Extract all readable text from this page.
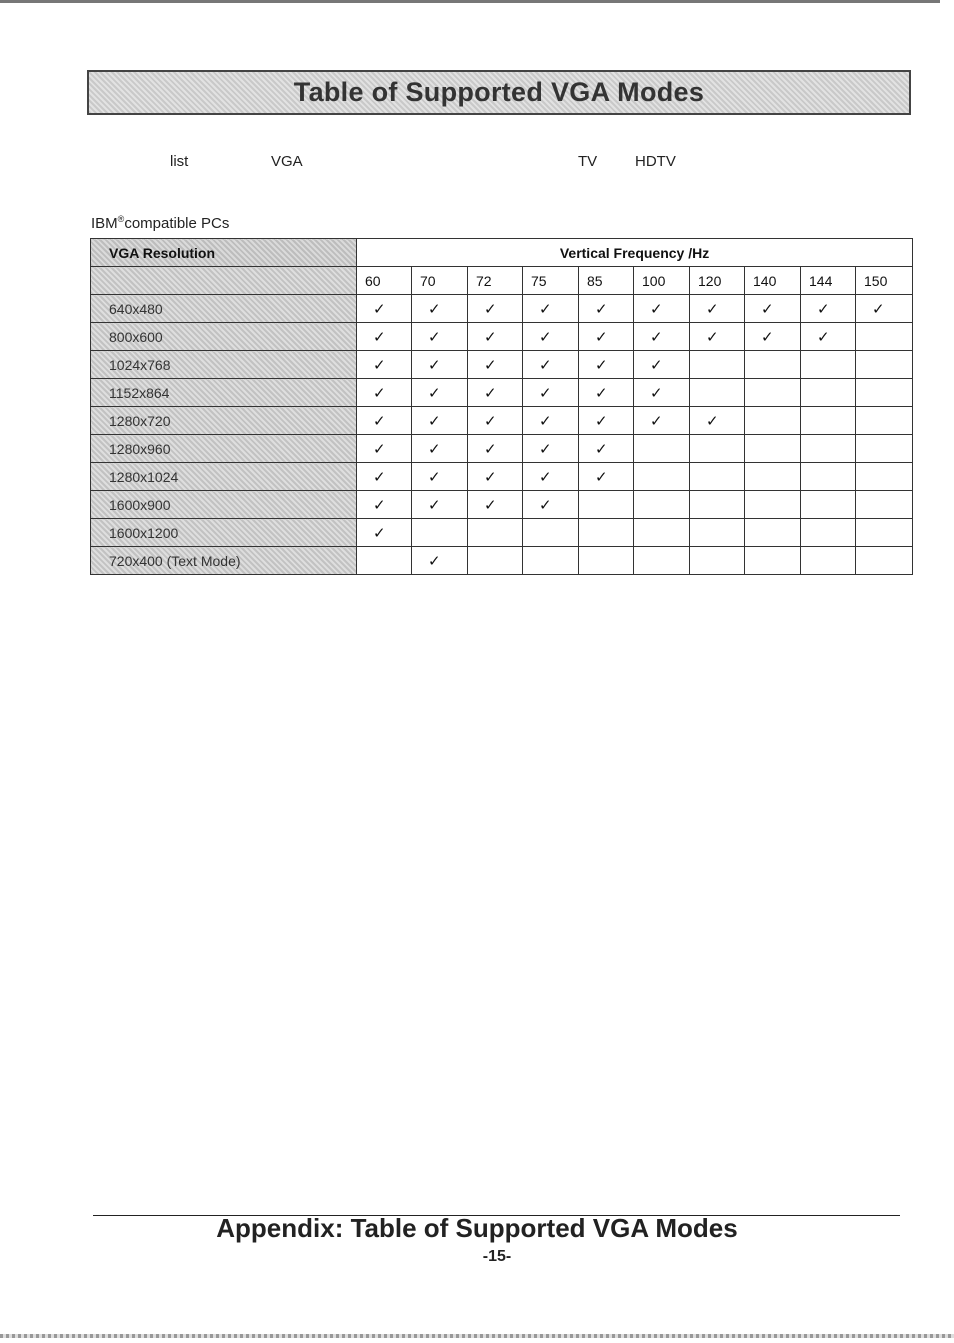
Table of Supported VGA Modes
list	VGA	TV	HDTV
IBM®compatible PCs
VGA Resolution	Vertical Frequency /Hz									
	60	70	72	75	85	100	120	140	144	150
640x480	✓	✓	✓	✓	✓	✓	✓	✓	✓	✓
800x600	✓	✓	✓	✓	✓	✓	✓	✓	✓	
1024x768	✓	✓	✓	✓	✓	✓				
1152x864	✓	✓	✓	✓	✓	✓				
1280x720	✓	✓	✓	✓	✓	✓	✓			
1280x960	✓	✓	✓	✓	✓					
1280x1024	✓	✓	✓	✓	✓					
1600x900	✓	✓	✓	✓						
1600x1200	✓									
720x400 (Text Mode)		✓								
Appendix: Table of Supported VGA Modes
-15-
